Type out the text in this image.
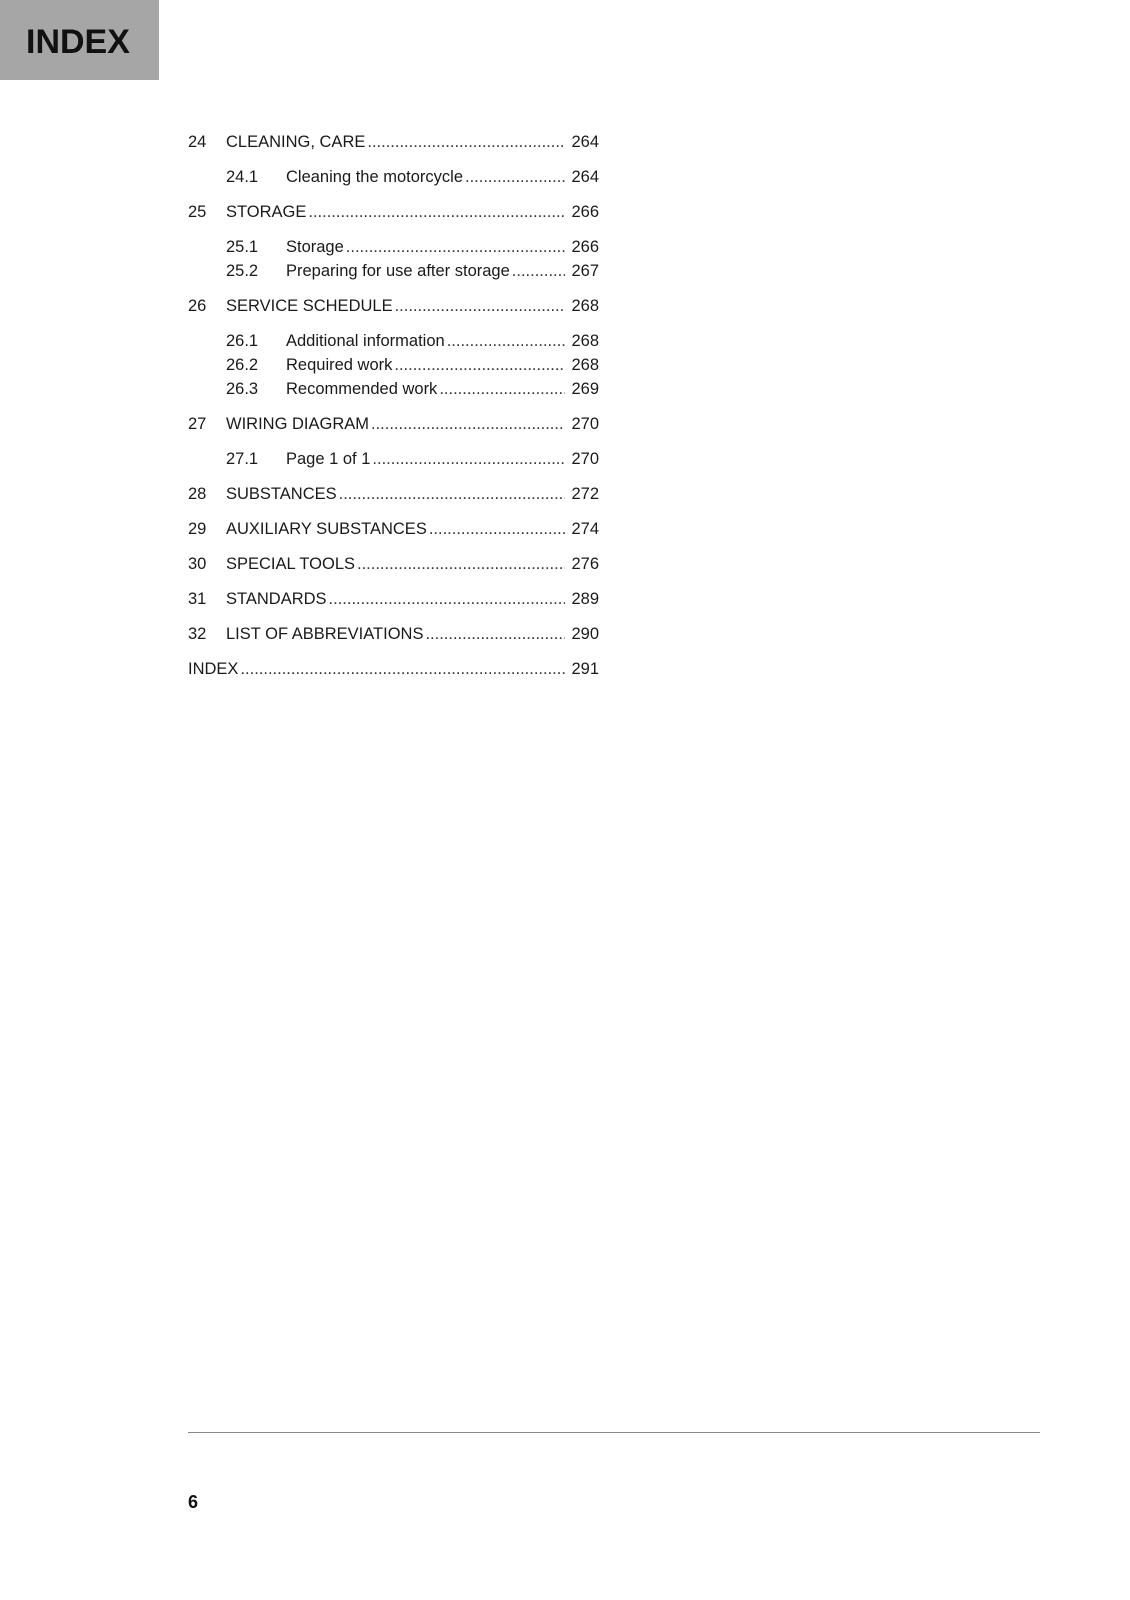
INDEX
24	CLEANING, CARE .....	264
24.1	Cleaning the motorcycle .....	264
25	STORAGE .....	266
25.1	Storage .....	266
25.2	Preparing for use after storage .....	267
26	SERVICE SCHEDULE .....	268
26.1	Additional information .....	268
26.2	Required work .....	268
26.3	Recommended work .....	269
27	WIRING DIAGRAM .....	270
27.1	Page 1 of 1 .....	270
28	SUBSTANCES .....	272
29	AUXILIARY SUBSTANCES .....	274
30	SPECIAL TOOLS .....	276
31	STANDARDS .....	289
32	LIST OF ABBREVIATIONS .....	290
INDEX .....	291
6
